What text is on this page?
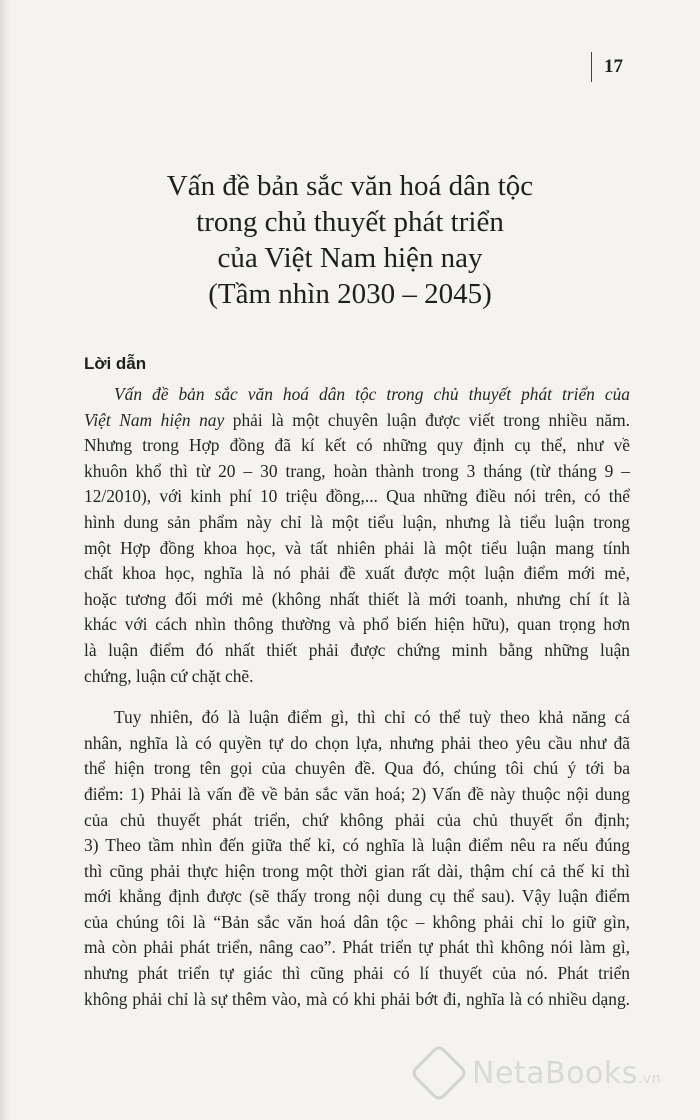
17
Vấn đề bản sắc văn hoá dân tộc
trong chủ thuyết phát triển
của Việt Nam hiện nay
(Tầm nhìn 2030 – 2045)
Lời dẫn

Vấn đề bản sắc văn hoá dân tộc trong chủ thuyết phát triển của
Việt Nam hiện nay phải là một chuyên luận được viết trong nhiều năm.
Nhưng trong Hợp đồng đã kí kết có những quy định cụ thể, như về
khuôn khổ thì từ 20 – 30 trang, hoàn thành trong 3 tháng (từ tháng 9 –
12/2010), với kinh phí 10 triệu đồng,... Qua những điều nói trên, có thể
hình dung sản phẩm này chỉ là một tiểu luận, nhưng là tiểu luận trong
một Hợp đồng khoa học, và tất nhiên phải là một tiểu luận mang tính
chất khoa học, nghĩa là nó phải đề xuất được một luận điểm mới mẻ,
hoặc tương đối mới mẻ (không nhất thiết là mới toanh, nhưng chí ít là
khác với cách nhìn thông thường và phổ biến hiện hữu), quan trọng hơn
là luận điểm đó nhất thiết phải được chứng minh bằng những luận
chứng, luận cứ chặt chẽ.

Tuy nhiên, đó là luận điểm gì, thì chỉ có thể tuỳ theo khả năng cá
nhân, nghĩa là có quyền tự do chọn lựa, nhưng phải theo yêu cầu như đã
thể hiện trong tên gọi của chuyên đề. Qua đó, chúng tôi chú ý tới ba
điểm: 1) Phải là vấn đề về bản sắc văn hoá; 2) Vấn đề này thuộc nội dung
của chủ thuyết phát triển, chứ không phải của chủ thuyết ổn định;
3) Theo tầm nhìn đến giữa thế kỉ, có nghĩa là luận điểm nêu ra nếu đúng
thì cũng phải thực hiện trong một thời gian rất dài, thậm chí cả thế kỉ thì
mới khẳng định được (sẽ thấy trong nội dung cụ thể sau). Vậy luận điểm
của chúng tôi là “Bản sắc văn hoá dân tộc – không phải chỉ lo giữ gìn,
mà còn phải phát triển, nâng cao”. Phát triển tự phát thì không nói làm gì,
nhưng phát triển tự giác thì cũng phải có lí thuyết của nó. Phát triển
không phải chỉ là sự thêm vào, mà có khi phải bớt đi, nghĩa là có nhiều dạng.

NetaBooks.vn
